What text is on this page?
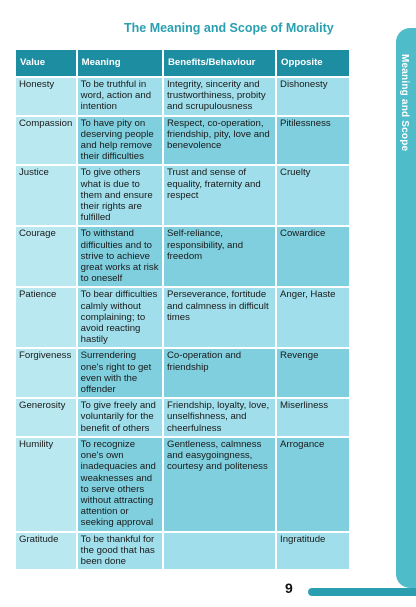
The Meaning and Scope of Morality
Meaning and Scope
Value	Meaning	Benefits/Behaviour	Opposite
Honesty	To be truthful in word, action and intention	Integrity, sincerity and trustworthiness, probity and scrupulousness	Dishonesty
Compassion	To have pity on deserving people and help remove their difficulties	Respect, co-operation, friendship, pity, love and benevolence	Pitilessness
Justice	To give others what is due to them and ensure their rights are fulfilled	Trust and sense of equality, fraternity and respect	Cruelty
Courage	To withstand difficulties and to strive to achieve great works at risk to oneself	Self-reliance, responsibility, and freedom	Cowardice
Patience	To bear difficulties calmly without complaining; to avoid reacting hastily	Perseverance, fortitude and calmness in difficult times	Anger, Haste
Forgiveness	Surrendering one's right to get even with the offender	Co-operation and friendship	Revenge
Generosity	To give freely and voluntarily for the benefit of others	Friendship, loyalty, love, unselfishness, and cheerfulness	Miserliness
Humility	To recognize one's own inadequacies and weaknesses and to serve others without attracting attention or seeking approval	Gentleness, calmness and easygoingness, courtesy and politeness	Arrogance
Gratitude	To be thankful for the good that has been done		Ingratitude
9
